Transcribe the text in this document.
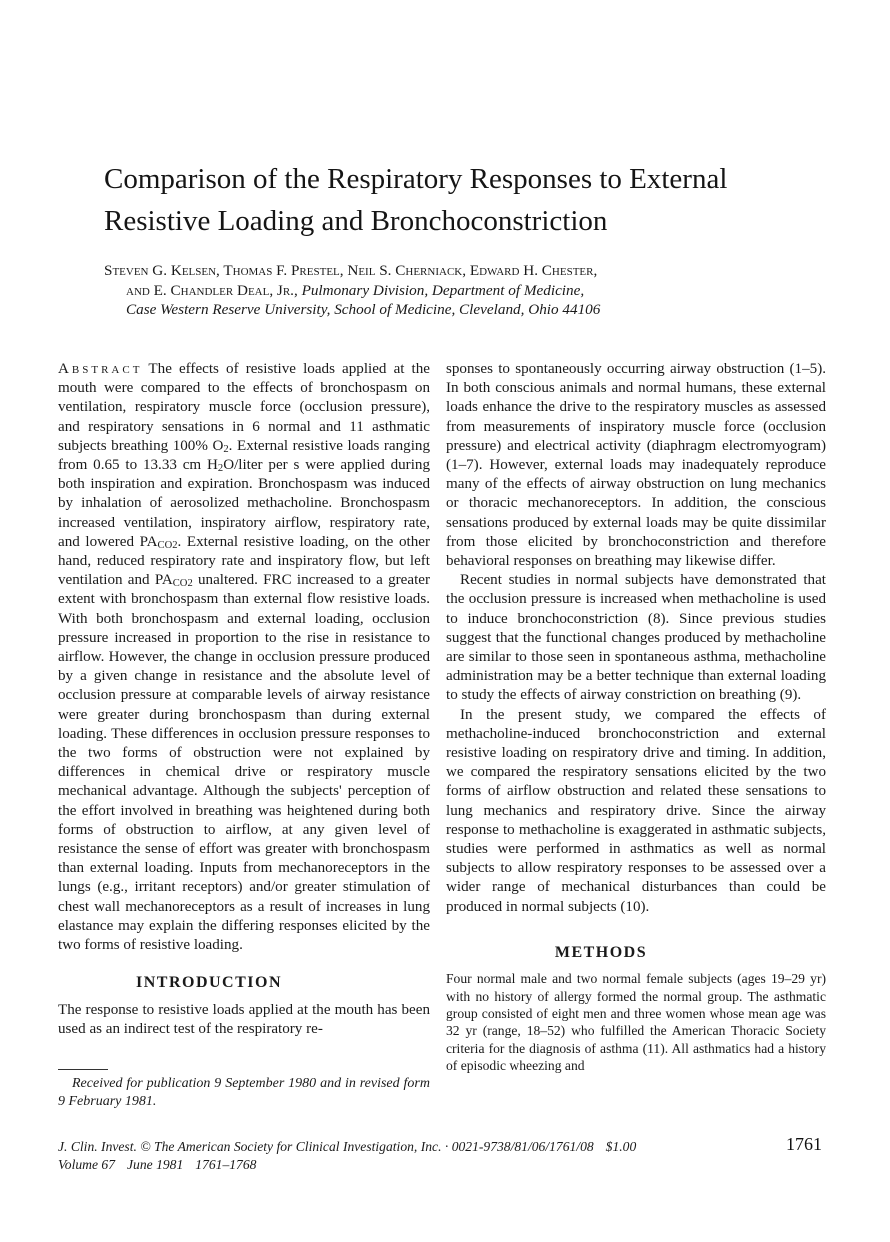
Comparison of the Respiratory Responses to External
Resistive Loading and Bronchoconstriction
Steven G. Kelsen, Thomas F. Prestel, Neil S. Cherniack, Edward H. Chester,
and E. Chandler Deal, Jr., Pulmonary Division, Department of Medicine,
Case Western Reserve University, School of Medicine, Cleveland, Ohio 44106

Abstract The effects of resistive loads applied at the mouth were compared to the effects of bronchospasm on ventilation, respiratory muscle force (occlusion pressure), and respiratory sensations in 6 normal and 11 asthmatic subjects breathing 100% $O_2$. External resistive loads ranging from 0.65 to 13.33 cm $H_2O$/liter per s were applied during both inspiration and expiration. Bronchospasm was induced by inhalation of aerosolized methacholine. Bronchospasm increased ventilation, inspiratory airflow, respiratory rate, and lowered $PA_{CO2}$. External resistive loading, on the other hand, reduced respiratory rate and inspiratory flow, but left ventilation and $PA_{CO2}$ unaltered. FRC increased to a greater extent with bronchospasm than external flow resistive loads. With both bronchospasm and external loading, occlusion pressure increased in proportion to the rise in resistance to airflow. However, the change in occlusion pressure produced by a given change in resistance and the absolute level of occlusion pressure at comparable levels of airway resistance were greater during bronchospasm than during external loading. These differences in occlusion pressure responses to the two forms of obstruction were not explained by differences in chemical drive or respiratory muscle mechanical advantage. Although the subjects' perception of the effort involved in breathing was heightened during both forms of obstruction to airflow, at any given level of resistance the sense of effort was greater with bronchospasm than external loading. Inputs from mechanoreceptors in the lungs (e.g., irritant receptors) and/or greater stimulation of chest wall mechanoreceptors as a result of increases in lung elastance may explain the differing responses elicited by the two forms of resistive loading.

INTRODUCTION

The response to resistive loads applied at the mouth has been used as an indirect test of the respiratory re-

Received for publication 9 September 1980 and in revised form 9 February 1981.

sponses to spontaneously occurring airway obstruction (1–5). In both conscious animals and normal humans, these external loads enhance the drive to the respiratory muscles as assessed from measurements of inspiratory muscle force (occlusion pressure) and electrical activity (diaphragm electromyogram) (1–7). However, external loads may inadequately reproduce many of the effects of airway obstruction on lung mechanics or thoracic mechanoreceptors. In addition, the conscious sensations produced by external loads may be quite dissimilar from those elicited by bronchoconstriction and therefore behavioral responses on breathing may likewise differ.

Recent studies in normal subjects have demonstrated that the occlusion pressure is increased when methacholine is used to induce bronchoconstriction (8). Since previous studies suggest that the functional changes produced by methacholine are similar to those seen in spontaneous asthma, methacholine administration may be a better technique than external loading to study the effects of airway constriction on breathing (9).

In the present study, we compared the effects of methacholine-induced bronchoconstriction and external resistive loading on respiratory drive and timing. In addition, we compared the respiratory sensations elicited by the two forms of airflow obstruction and related these sensations to lung mechanics and respiratory drive. Since the airway response to methacholine is exaggerated in asthmatic subjects, studies were performed in asthmatics as well as normal subjects to allow respiratory responses to be assessed over a wider range of mechanical disturbances than could be produced in normal subjects (10).

METHODS

Four normal male and two normal female subjects (ages 19–29 yr) with no history of allergy formed the normal group. The asthmatic group consisted of eight men and three women whose mean age was 32 yr (range, 18–52) who fulfilled the American Thoracic Society criteria for the diagnosis of asthma (11). All asthmatics had a history of episodic wheezing and

J. Clin. Invest.
© The American Society for Clinical Investigation, Inc.
·
0021-9738/81/06/1761/08 $1.00
Volume 67 June 1981 1761–1768
1761
